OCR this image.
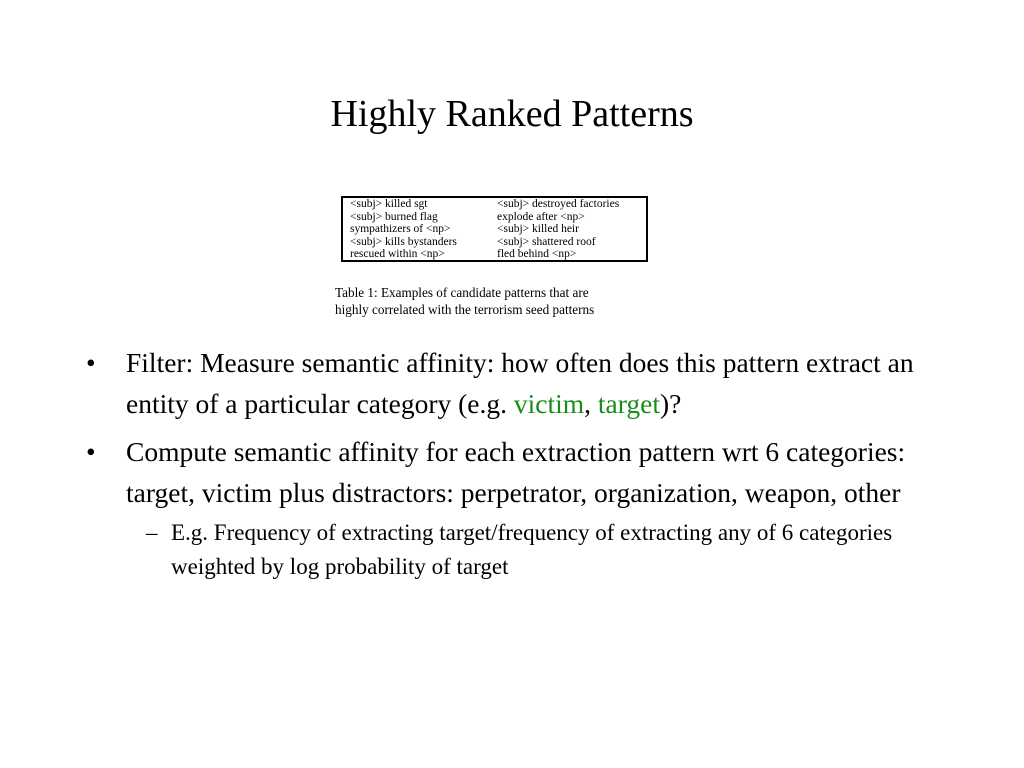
Highly Ranked Patterns
<subj> killed sgt
<subj> burned flag
sympathizers of <np>
<subj> kills bystanders
rescued within <np>
<subj> destroyed factories
explode after <np>
<subj> killed heir
<subj> shattered roof
fled behind <np>
Table 1: Examples of candidate patterns that are
highly correlated with the terrorism seed patterns
• Filter: Measure semantic affinity: how often does this pattern extract an entity of a particular category (e.g. victim, target)?
• Compute semantic affinity for each extraction pattern wrt 6 categories: target, victim plus distractors: perpetrator, organization, weapon, other
– E.g. Frequency of extracting target/frequency of extracting any of 6 categories weighted by log probability of target
